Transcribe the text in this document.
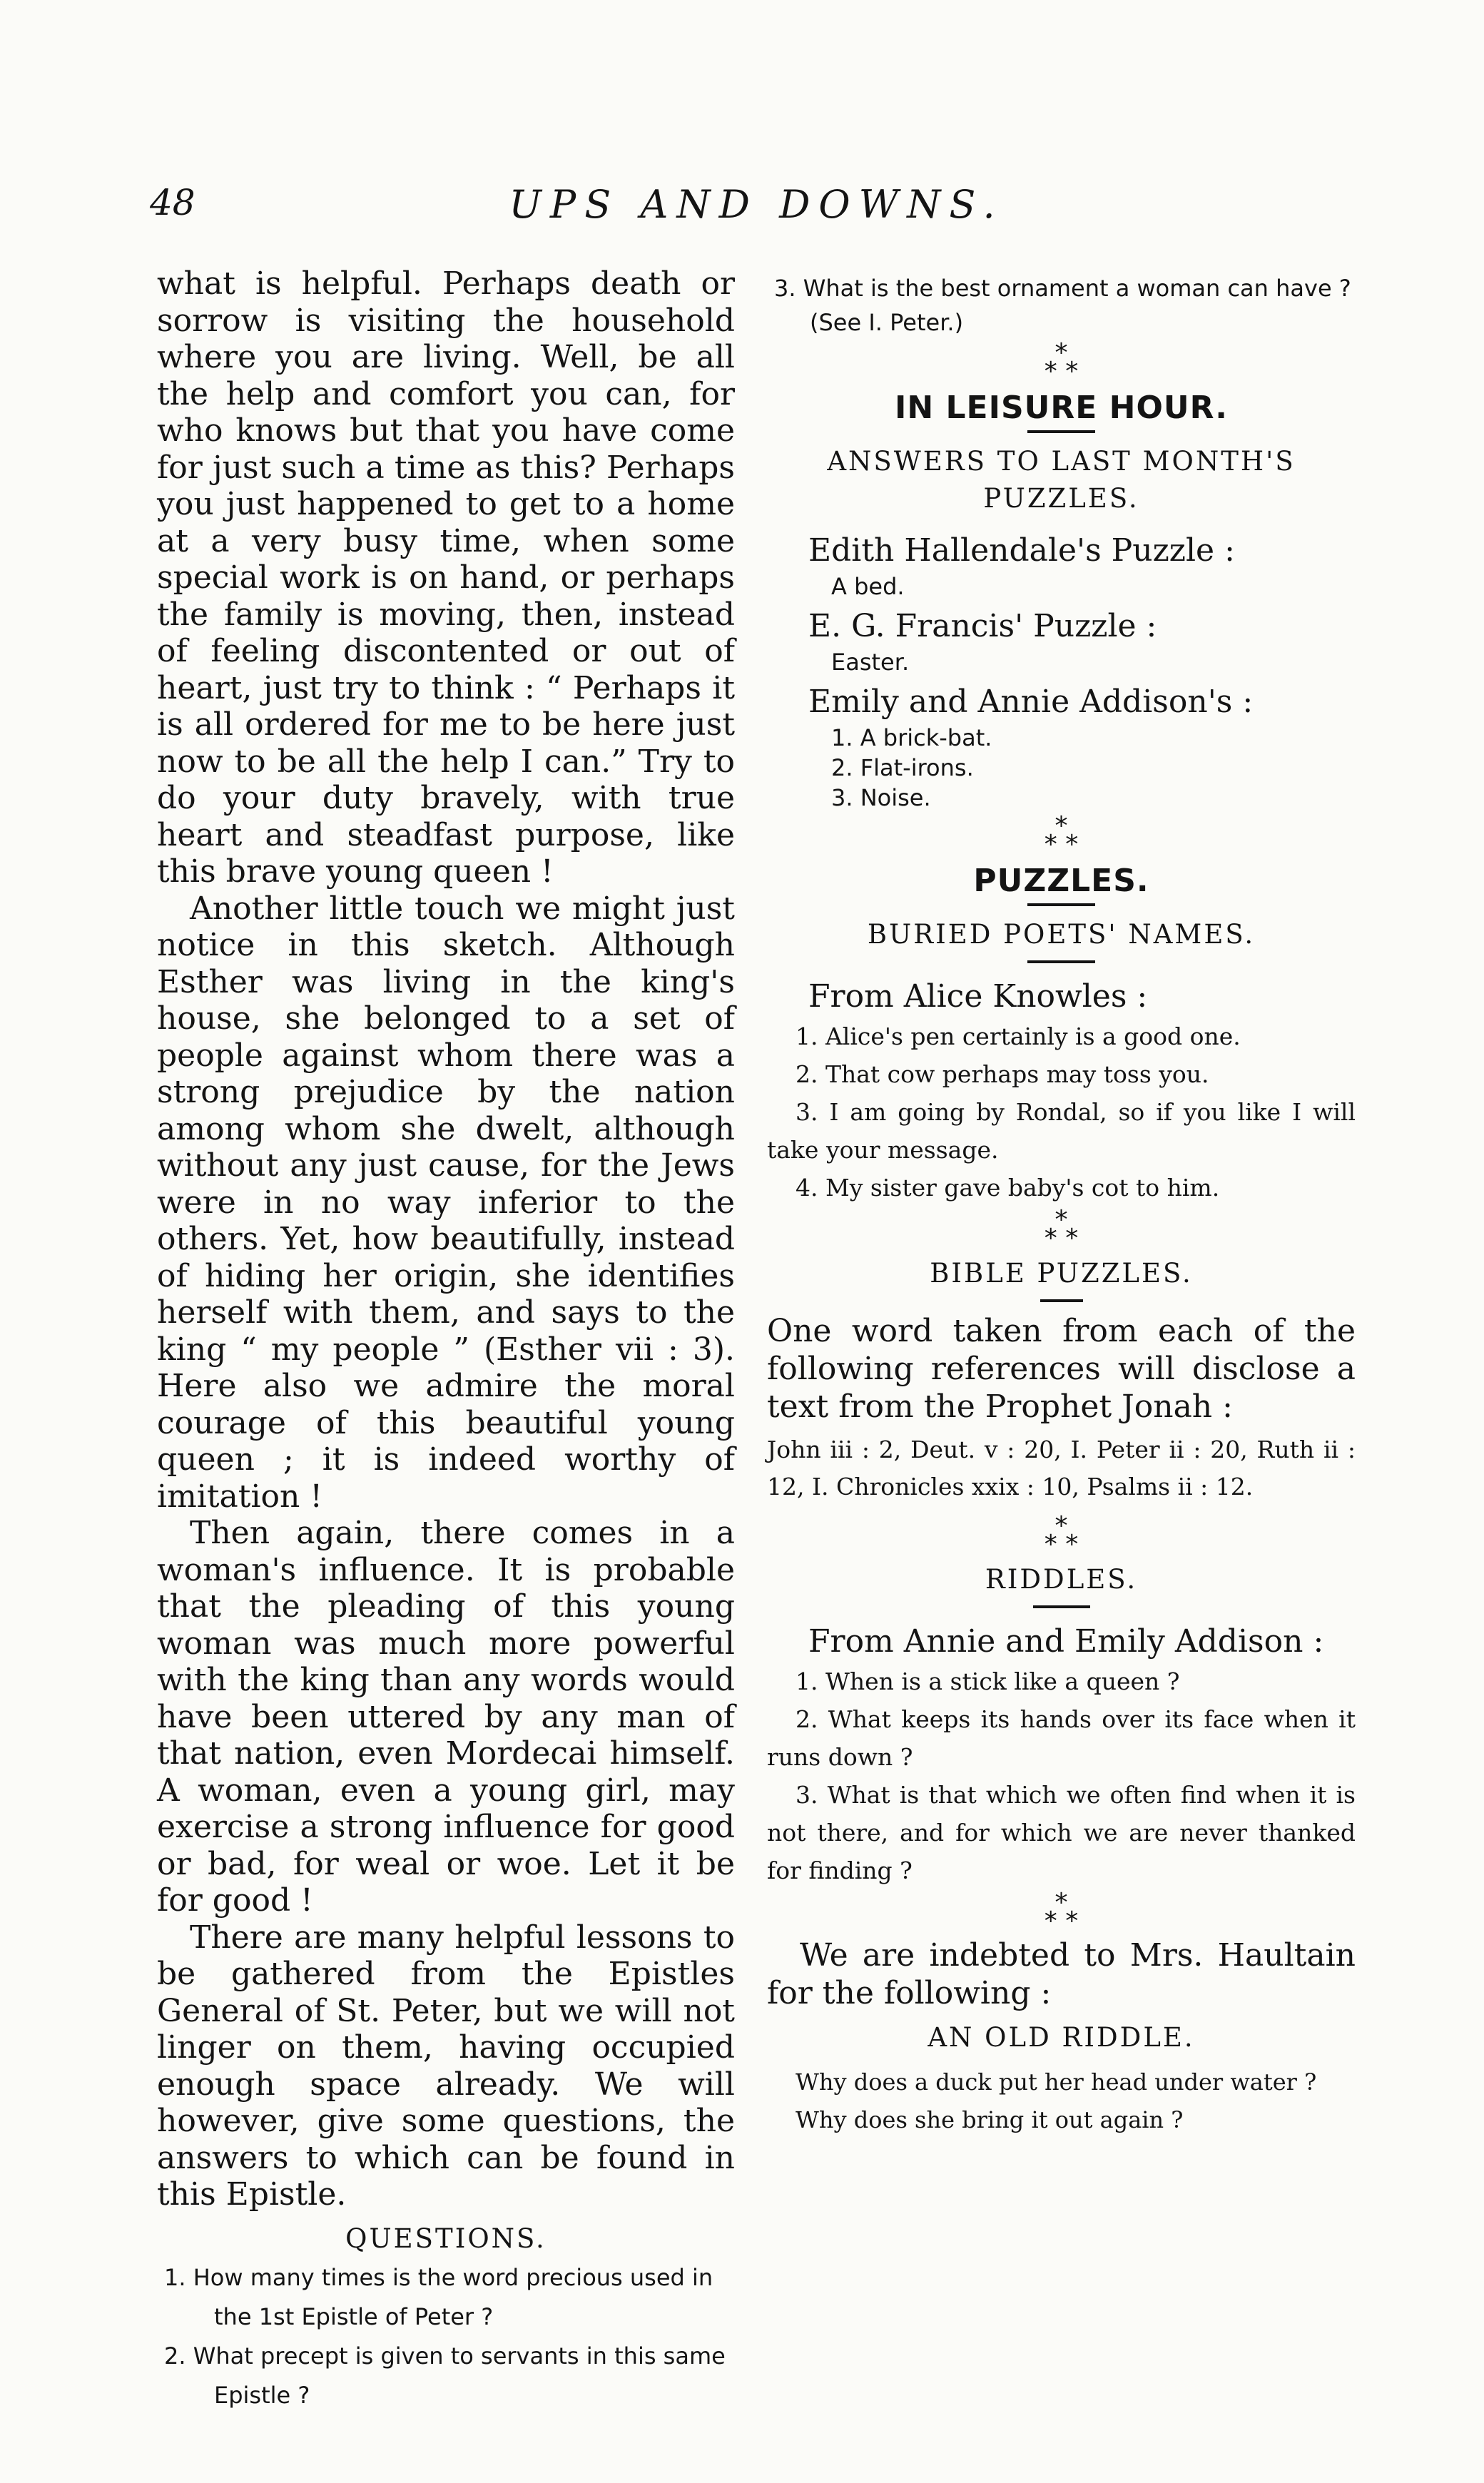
48	UPS AND DOWNS.

what is helpful. Perhaps death or sorrow is visiting the household where you are living. Well, be all the help and comfort you can, for who knows but that you have come for just such a time as this? Perhaps you just happened to get to a home at a very busy time, when some special work is on hand, or perhaps the family is moving, then, instead of feeling discontented or out of heart, just try to think : “ Perhaps it is all ordered for me to be here just now to be all the help I can.” Try to do your duty bravely, with true heart and steadfast purpose, like this brave young queen !

Another little touch we might just notice in this sketch. Although Esther was living in the king's house, she belonged to a set of people against whom there was a strong prejudice by the nation among whom she dwelt, although without any just cause, for the Jews were in no way inferior to the others. Yet, how beautifully, instead of hiding her origin, she identifies herself with them, and says to the king “ my people ” (Esther vii : 3). Here also we admire the moral courage of this beautiful young queen ; it is indeed worthy of imitation !

Then again, there comes in a woman's influence. It is probable that the pleading of this young woman was much more powerful with the king than any words would have been uttered by any man of that nation, even Mordecai himself. A woman, even a young girl, may exercise a strong influence for good or bad, for weal or woe. Let it be for good !

There are many helpful lessons to be gathered from the Epistles General of St. Peter, but we will not linger on them, having occupied enough space already. We will however, give some questions, the answers to which can be found in this Epistle.

QUESTIONS.
1. How many times is the word precious used in the 1st Epistle of Peter ?
2. What precept is given to servants in this same Epistle ?
3. What is the best ornament a woman can have ? (See I. Peter.)
*
* *
IN LEISURE HOUR.
ANSWERS TO LAST MONTH'S PUZZLES.
Edith Hallendale's Puzzle :
A bed.
E. G. Francis' Puzzle :
Easter.
Emily and Annie Addison's :
1. A brick-bat.
2. Flat-irons.
3. Noise.
*
* *
PUZZLES.
BURIED POETS' NAMES.
From Alice Knowles :
1. Alice's pen certainly is a good one.
2. That cow perhaps may toss you.
3. I am going by Rondal, so if you like I will take your message.
4. My sister gave baby's cot to him.
*
* *
BIBLE PUZZLES.
One word taken from each of the following references will disclose a text from the Prophet Jonah :
John iii : 2, Deut. v : 20, I. Peter ii : 20, Ruth ii : 12, I. Chronicles xxix : 10, Psalms ii : 12.
*
* *
RIDDLES.
From Annie and Emily Addison :
1. When is a stick like a queen ?
2. What keeps its hands over its face when it runs down ?
3. What is that which we often find when it is not there, and for which we are never thanked for finding ?
*
* *
We are indebted to Mrs. Haultain for the following :
AN OLD RIDDLE.
Why does a duck put her head under water ?
Why does she bring it out again ?
